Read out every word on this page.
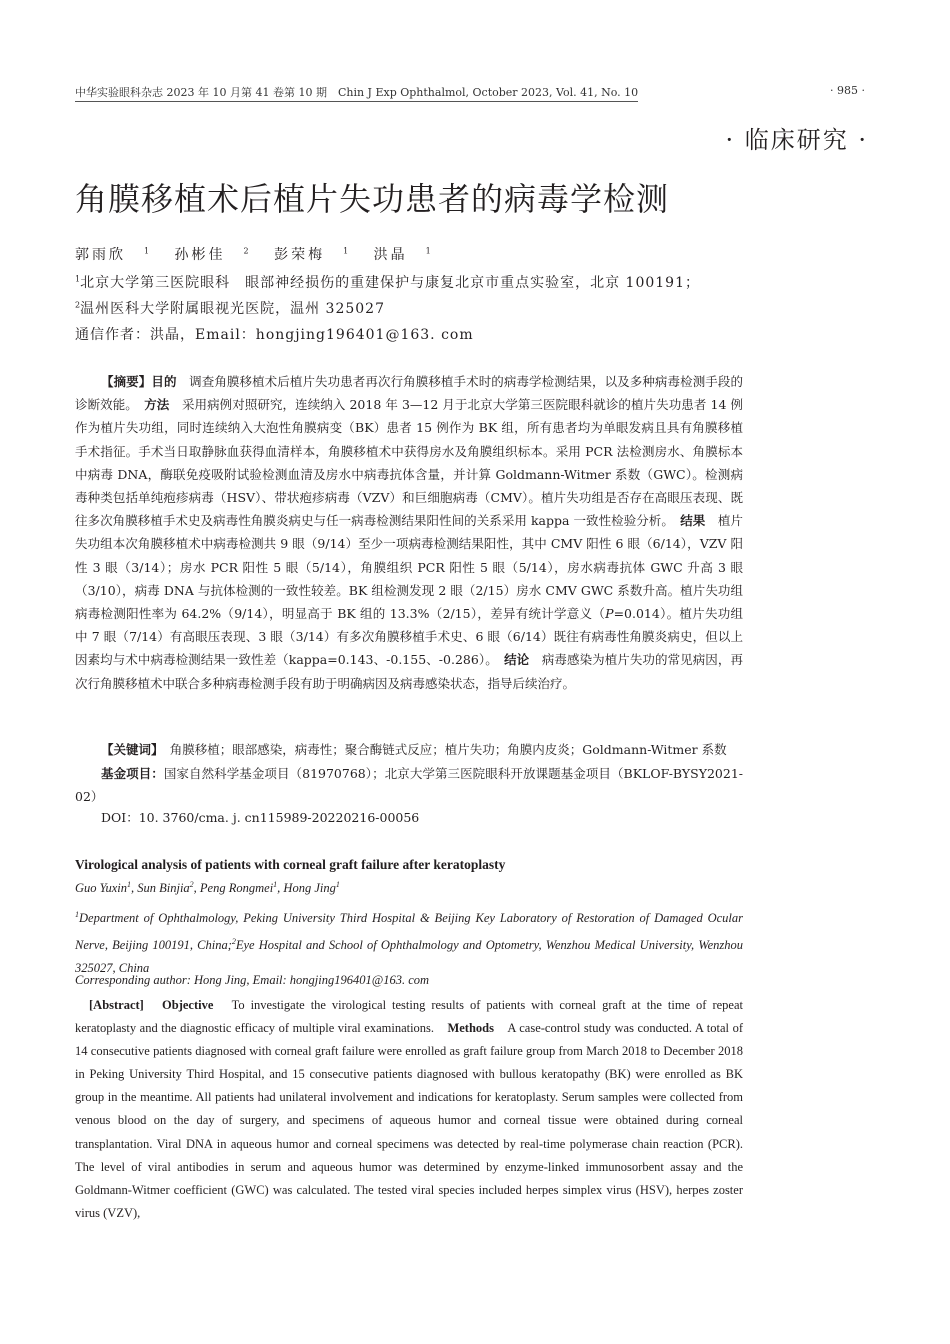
中华实验眼科杂志 2023 年 10 月第 41 卷第 10 期　Chin J Exp Ophthalmol, October 2023, Vol. 41, No. 10	· 985 ·
· 临床研究 ·
角膜移植术后植片失功患者的病毒学检测
郭雨欣 $^1$ 孙彬佳 $^2$ 彭荣梅 $^1$ 洪晶 $^1$
$^1$北京大学第三医院眼科　眼部神经损伤的重建保护与康复北京市重点实验室，北京 100191；
$^2$温州医科大学附属眼视光医院，温州 325027
通信作者：洪晶，Email：hongjing196401@163. com

【摘要】目的　 调查角膜移植术后植片失功患者再次行角膜移植手术时的病毒学检测结果，以及多种病毒检测手段的诊断效能。　 方法　 采用病例对照研究，连续纳入 2018 年 3—12 月于北京大学第三医院眼科就诊的植片失功患者 14 例作为植片失功组，同时连续纳入大泡性角膜病变（BK）患者 15 例作为 BK 组，所有患者均为单眼发病且具有角膜移植手术指征。手术当日取静脉血获得血清样本，角膜移植术中获得房水及角膜组织标本。采用 PCR 法检测房水、角膜标本中病毒 DNA，酶联免疫吸附试验检测血清及房水中病毒抗体含量，并计算 Goldmann-Witmer 系数（GWC）。检测病毒种类包括单纯疱疹病毒（HSV）、带状疱疹病毒（VZV）和巨细胞病毒（CMV）。植片失功组是否存在高眼压表现、既往多次角膜移植手术史及病毒性角膜炎病史与任一病毒检测结果阳性间的关系采用 kappa 一致性检验分析。　 结果　 植片失功组本次角膜移植术中病毒检测共 9 眼（9/14）至少一项病毒检测结果阳性，其中 CMV 阳性 6 眼（6/14），VZV 阳性 3 眼（3/14）；房水 PCR 阳性 5 眼（5/14），角膜组织 PCR 阳性 5 眼（5/14），房水病毒抗体 GWC 升高 3 眼（3/10），病毒 DNA 与抗体检测的一致性较差。BK 组检测发现 2 眼（2/15）房水 CMV GWC 系数升高。植片失功组病毒检测阳性率为 64.2%（9/14），明显高于 BK 组的 13.3%（2/15），差异有统计学意义（P=0.014）。植片失功组中 7 眼（7/14）有高眼压表现、3 眼（3/14）有多次角膜移植手术史、6 眼（6/14）既往有病毒性角膜炎病史，但以上因素均与术中病毒检测结果一致性差（kappa=0.143、-0.155、-0.286）。　 结论　 病毒感染为植片失功的常见病因，再次行角膜移植术中联合多种病毒检测手段有助于明确病因及病毒感染状态，指导后续治疗。

【关键词】　 角膜移植；眼部感染，病毒性；聚合酶链式反应；植片失功；角膜内皮炎；Goldmann-Witmer 系数

基金项目：国家自然科学基金项目（81970768）；北京大学第三医院眼科开放课题基金项目（BKLOF-BYSY2021-02）

DOI：10. 3760/cma. j. cn115989-20220216-00056
Virological analysis of patients with corneal graft failure after keratoplasty
Guo Yuxin$^1$, Sun Binjia$^2$, Peng Rongmei$^1$, Hong Jing$^1$

$^1$Department of Ophthalmology, Peking University Third Hospital & Beijing Key Laboratory of Restoration of Damaged Ocular Nerve, Beijing 100191, China;$^2$Eye Hospital and School of Ophthalmology and Optometry, Wenzhou Medical University, Wenzhou 325027, China

Corresponding author: Hong Jing, Email: hongjing196401@163. com

[Abstract]　 Objective　 To investigate the virological testing results of patients with corneal graft at the time of repeat keratoplasty and the diagnostic efficacy of multiple viral examinations.　 Methods　 A case-control study was conducted. A total of 14 consecutive patients diagnosed with corneal graft failure were enrolled as graft failure group from March 2018 to December 2018 in Peking University Third Hospital, and 15 consecutive patients diagnosed with bullous keratopathy (BK) were enrolled as BK group in the meantime. All patients had unilateral involvement and indications for keratoplasty. Serum samples were collected from venous blood on the day of surgery, and specimens of aqueous humor and corneal tissue were obtained during corneal transplantation. Viral DNA in aqueous humor and corneal specimens was detected by real-time polymerase chain reaction (PCR). The level of viral antibodies in serum and aqueous humor was determined by enzyme-linked immunosorbent assay and the Goldmann-Witmer coefficient (GWC) was calculated. The tested viral species included herpes simplex virus (HSV), herpes zoster virus (VZV),
